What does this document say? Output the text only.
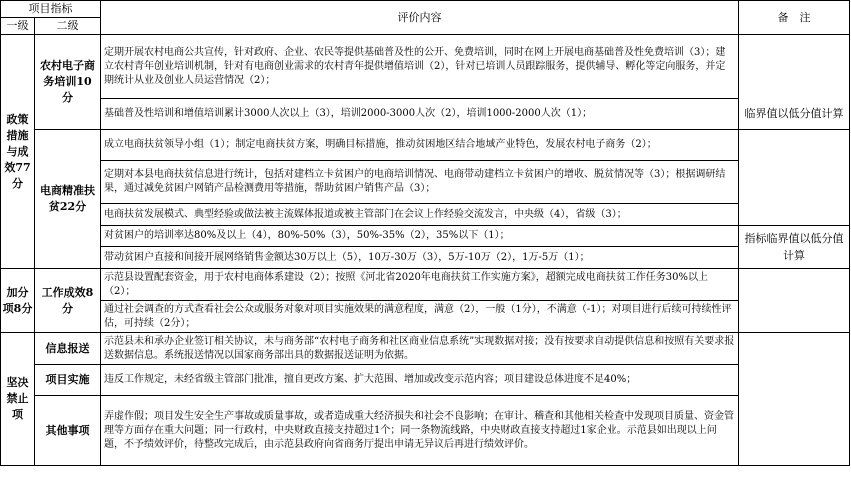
项目指标		评价内容	备　注
一级	二级		
政策措施与成效77分	农村电子商务培训10分	定期开展农村电商公共宣传，针对政府、企业、农民等提供基础普及性的公开、免费培训，同时在网上开展电商基础普及性免费培训（3）；建立农村青年创业培训机制，针对有电商创业需求的农村青年提供增值培训（2），针对已培训人员跟踪服务，提供辅导、孵化等定向服务，并定期统计从业及创业人员运营情况（2）；	
		基础普及性培训和增值培训累计3000人次以上（3），培训2000-3000人次（2），培训1000-2000人次（1）；	临界值以低分值计算
	电商精准扶贫22分	成立电商扶贫领导小组（1）；制定电商扶贫方案，明确目标措施，推动贫困地区结合地域产业特色，发展农村电子商务（2）；	
		定期对本县电商扶贫信息进行统计，包括对建档立卡贫困户的电商培训情况、电商带动建档立卡贫困户的增收、脱贫情况等（3）；根据调研结果，通过减免贫困户网销产品检测费用等措施，帮助贫困户销售产品（3）；	
		电商扶贫发展模式、典型经验或做法被主流媒体报道或被主管部门在会议上作经验交流发言，中央级（4），省级（3）；	
		对贫困户的培训率达80%及以上（4），80%-50%（3），50%-35%（2），35%以下（1）；	指标临界值以低分值计算
		带动贫困户直接和间接开展网络销售金额达30万以上（5），10万-30万（3），5万-10万（2），1万-5万（1）；	
加分项8分	工作成效8分	示范县设置配套资金，用于农村电商体系建设（2）；按照《河北省2020年电商扶贫工作实施方案》，超额完成电商扶贫工作任务30%以上（2）；	
		通过社会调查的方式查看社会公众或服务对象对项目实施效果的满意程度，满意（2），一般（1分），不满意（-1）；对项目进行后续可持续性评估，可持续（2分）；	
坚决禁止项	信息报送	示范县未和承办企业签订相关协议，未与商务部“农村电子商务和社区商业信息系统”实现数据对接；没有按要求自动提供信息和按照有关要求报送数据信息。系统报送情况以国家商务部出具的数据报送证明为依据。	
	项目实施	违反工作规定，未经省级主管部门批准，擅自更改方案、扩大范围、增加或改变示范内容；项目建设总体进度不足40%；	
	其他事项	弄虚作假；项目发生安全生产事故或质量事故，或者造成重大经济损失和社会不良影响；在审计、稽查和其他相关检查中发现项目质量、资金管理等方面存在重大问题；同一行政村，中央财政直接支持超过1个；同一条物流线路，中央财政直接支持超过1家企业。示范县如出现以上问题，不予绩效评价，待整改完成后，由示范县政府向省商务厅提出申请无异议后再进行绩效评价。	
